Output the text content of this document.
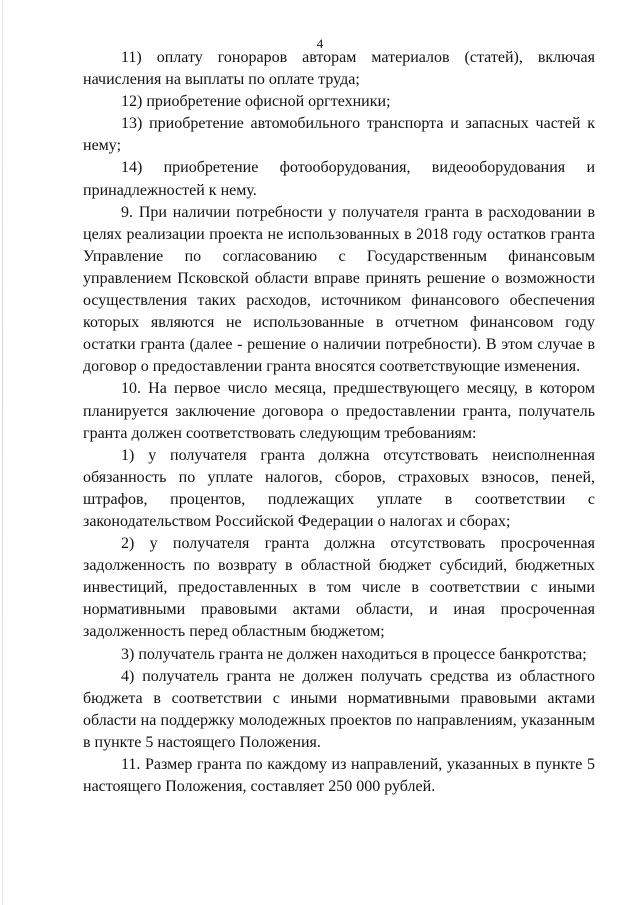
4

11) оплату гонораров авторам материалов (статей), включая начисления на выплаты по оплате труда;

12) приобретение офисной оргтехники;

13) приобретение автомобильного транспорта и запасных частей к нему;

14) приобретение фотооборудования, видеооборудования и принадлежностей к нему.

9. При наличии потребности у получателя гранта в расходовании в целях реализации проекта не использованных в 2018 году остатков гранта Управление по согласованию с Государственным финансовым управлением Псковской области вправе принять решение о возможности осуществления таких расходов, источником финансового обеспечения которых являются не использованные в отчетном финансовом году остатки гранта (далее - решение о наличии потребности). В этом случае в договор о предоставлении гранта вносятся соответствующие изменения.

10. На первое число месяца, предшествующего месяцу, в котором планируется заключение договора о предоставлении гранта, получатель гранта должен соответствовать следующим требованиям:

1) у получателя гранта должна отсутствовать неисполненная обязанность по уплате налогов, сборов, страховых взносов, пеней, штрафов, процентов, подлежащих уплате в соответствии с законодательством Российской Федерации о налогах и сборах;

2) у получателя гранта должна отсутствовать просроченная задолженность по возврату в областной бюджет субсидий, бюджетных инвестиций, предоставленных в том числе в соответствии с иными нормативными правовыми актами области, и иная просроченная задолженность перед областным бюджетом;

3) получатель гранта не должен находиться в процессе банкротства;

4) получатель гранта не должен получать средства из областного бюджета в соответствии с иными нормативными правовыми актами области на поддержку молодежных проектов по направлениям, указанным в пункте 5 настоящего Положения.

11. Размер гранта по каждому из направлений, указанных в пункте 5 настоящего Положения, составляет 250 000 рублей.
